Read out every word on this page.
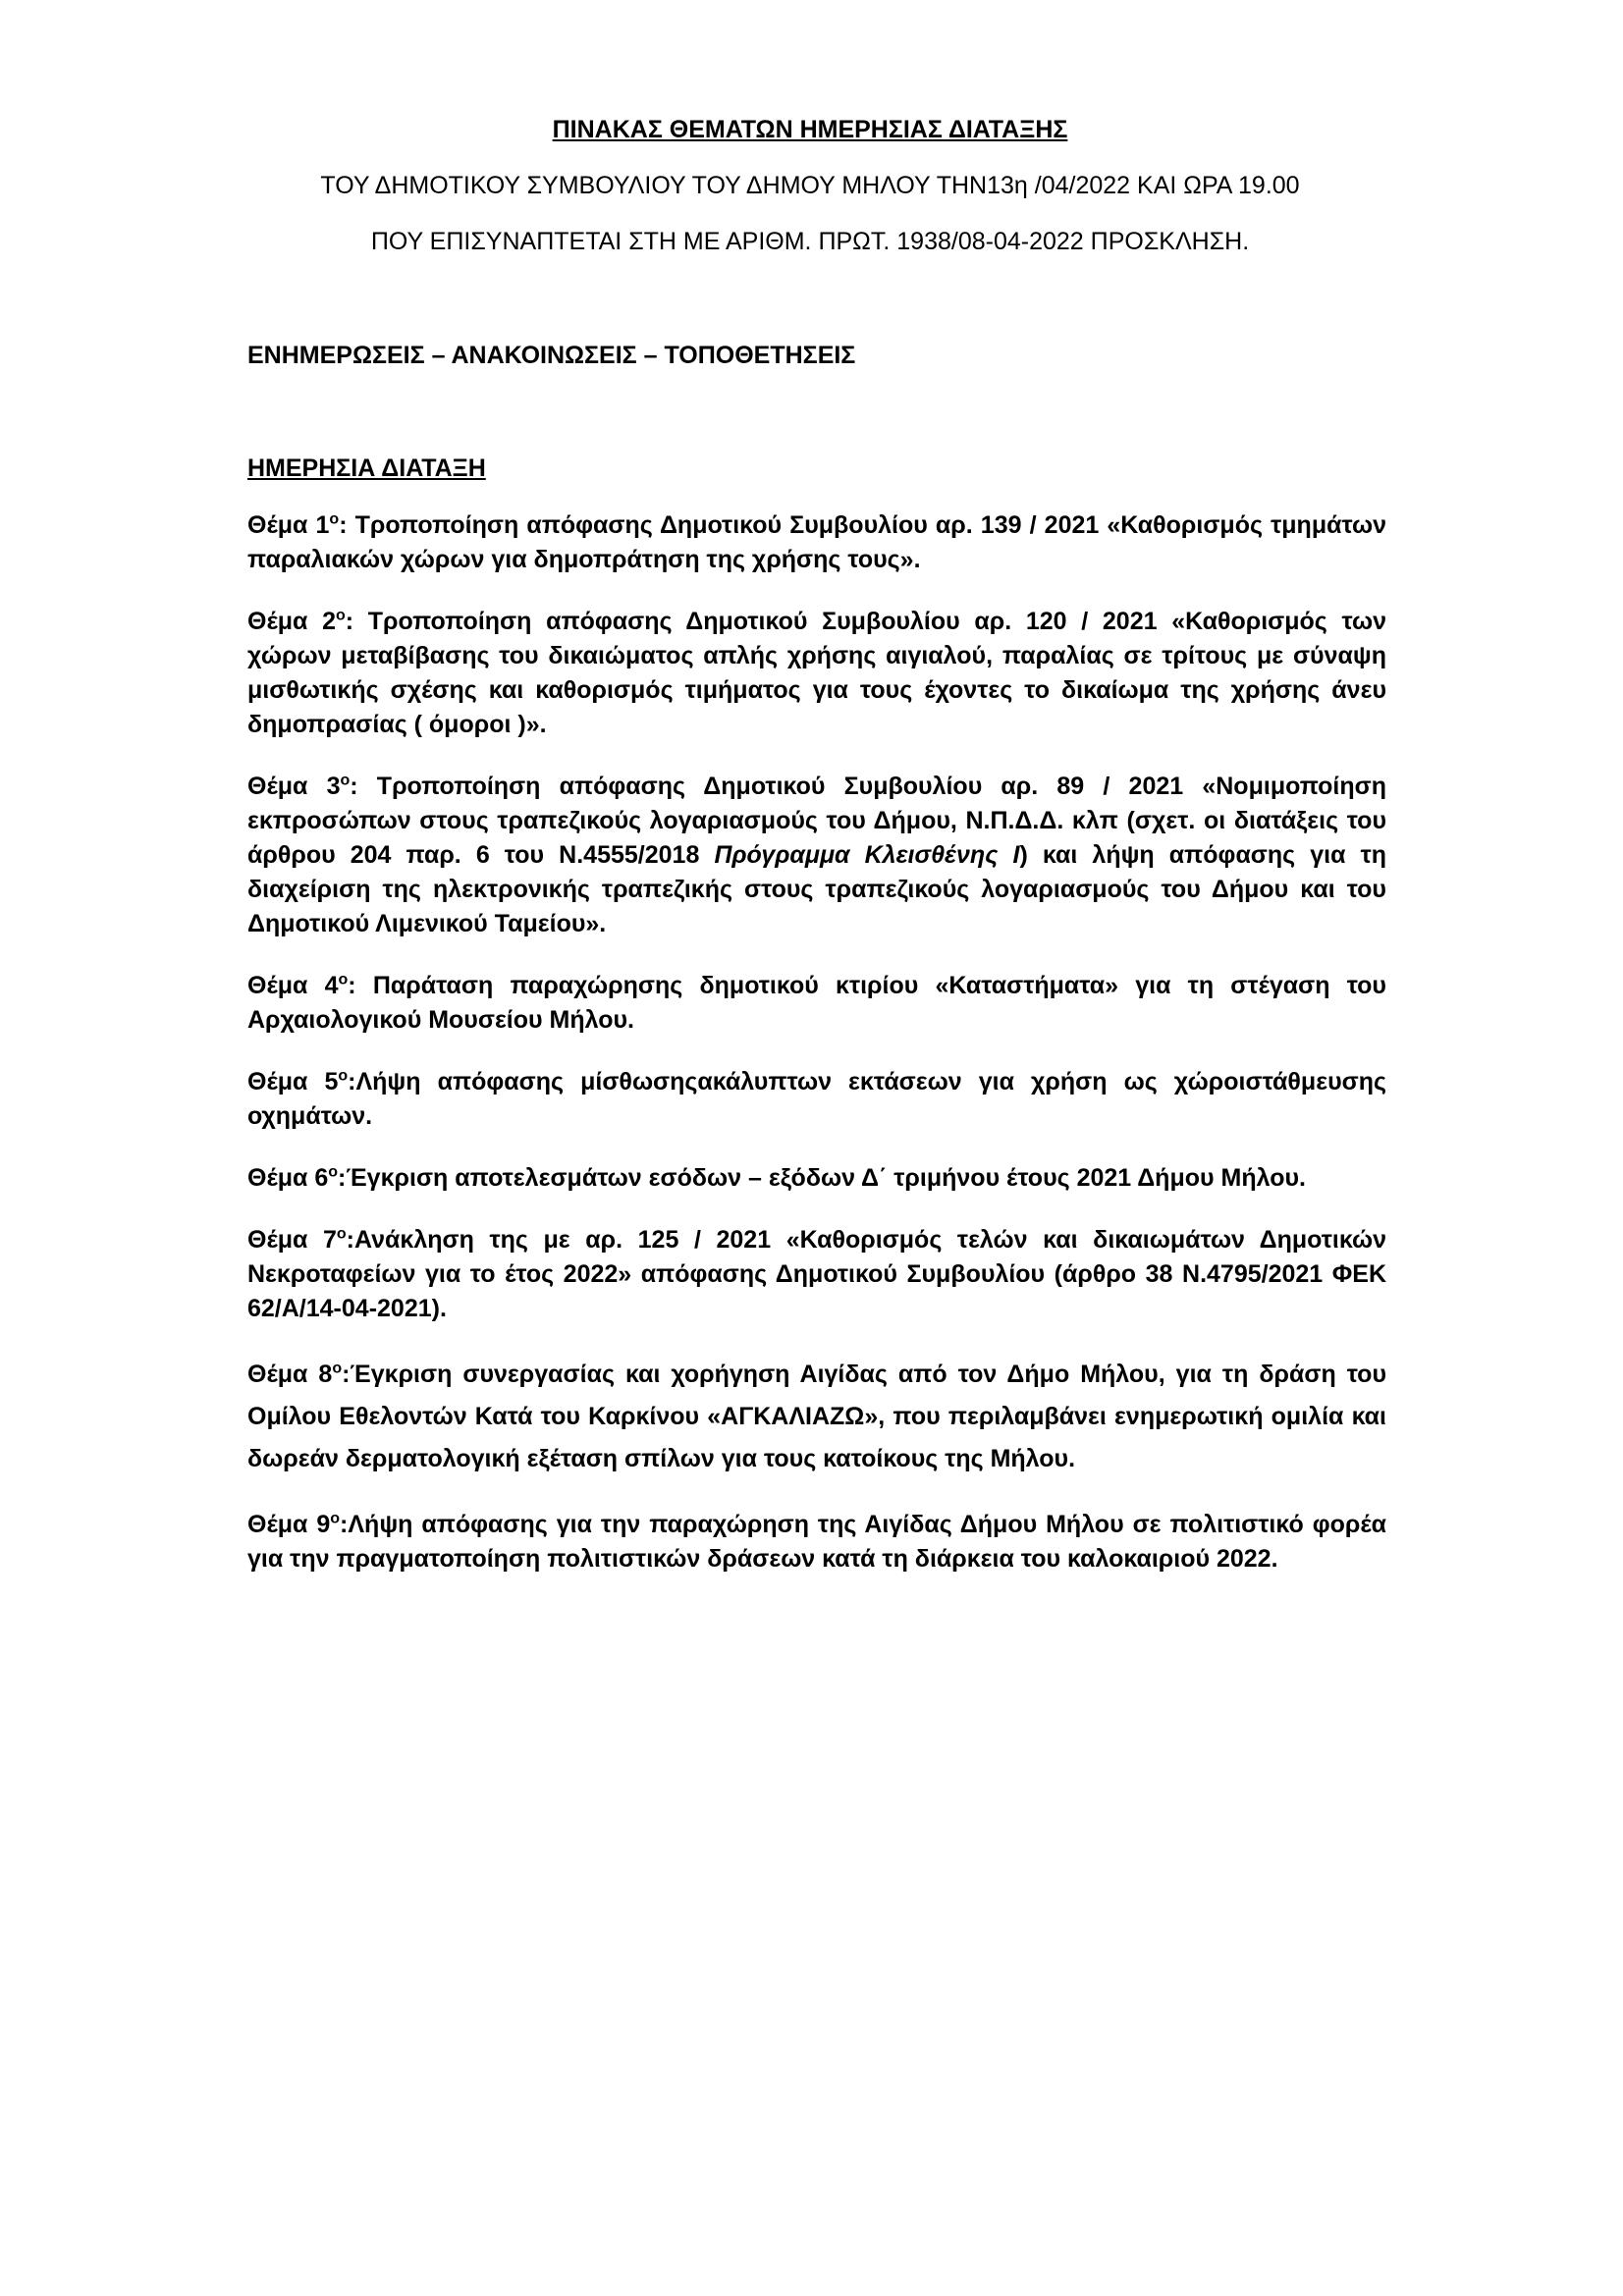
ΠΙΝΑΚΑΣ ΘΕΜΑΤΩΝ ΗΜΕΡΗΣΙΑΣ ΔΙΑΤΑΞΗΣ
ΤΟΥ ΔΗΜΟΤΙΚΟΥ ΣΥΜΒΟΥΛΙΟΥ ΤΟΥ ΔΗΜΟΥ ΜΗΛΟΥ ΤΗΝ13η /04/2022 ΚΑΙ ΩΡΑ 19.00
ΠΟΥ ΕΠΙΣΥΝΑΠΤΕΤΑΙ ΣΤΗ ΜΕ ΑΡΙΘΜ. ΠΡΩΤ. 1938/08-04-2022 ΠΡΟΣΚΛΗΣΗ.
ΕΝΗΜΕΡΩΣΕΙΣ – ΑΝΑΚΟΙΝΩΣΕΙΣ – ΤΟΠΟΘΕΤΗΣΕΙΣ
ΗΜΕΡΗΣΙΑ ΔΙΑΤΑΞΗ

Θέμα $1^o$: Τροποποίηση απόφασης Δημοτικού Συμβουλίου αρ. 139 / 2021 «Καθορισμός τμημάτων παραλιακών χώρων για δημοπράτηση της χρήσης τους».

Θέμα $2^o$: Τροποποίηση απόφασης Δημοτικού Συμβουλίου αρ. 120 / 2021 «Καθορισμός των χώρων μεταβίβασης του δικαιώματος απλής χρήσης αιγιαλού, παραλίας σε τρίτους με σύναψη μισθωτικής σχέσης και καθορισμός τιμήματος για τους έχοντες το δικαίωμα της χρήσης άνευ δημοπρασίας ( όμοροι )».

Θέμα $3^o$: Τροποποίηση απόφασης Δημοτικού Συμβουλίου αρ. 89 / 2021 «Νομιμοποίηση εκπροσώπων στους τραπεζικούς λογαριασμούς του Δήμου, Ν.Π.Δ.Δ. κλπ (σχετ. οι διατάξεις του άρθρου 204 παρ. 6 του Ν.4555/2018 Πρόγραμμα Κλεισθένης Ι) και λήψη απόφασης για τη διαχείριση της ηλεκτρονικής τραπεζικής στους τραπεζικούς λογαριασμούς του Δήμου και του Δημοτικού Λιμενικού Ταμείου».

Θέμα $4^o$: Παράταση παραχώρησης δημοτικού κτιρίου «Καταστήματα» για τη στέγαση του Αρχαιολογικού Μουσείου Μήλου.

Θέμα $5^o:\Lambda ή\psi\eta$ απόφασης μίσθωσηςακάλυπτων εκτάσεων για χρήση ως χώροιστάθμευσης οχημάτων.

Θέμα $6^o:Έ\gamma\kappa\rho\iota\sigma\eta$ αποτελεσμάτων εσόδων – εξόδων Δ΄ τριμήνου έτους 2021 Δήμου Μήλου.

Θέμα $7^o:A\nu ά\kappa\lambda\eta\sigma\eta$ της με αρ. 125 / 2021 «Καθορισμός τελών και δικαιωμάτων Δημοτικών Νεκροταφείων για το έτος 2022» απόφασης Δημοτικού Συμβουλίου (άρθρο 38 Ν.4795/2021 ΦΕΚ 62/Α/14-04-2021).

Θέμα $8^o:Έ\gamma\kappa\rho\iota\sigma\eta$ συνεργασίας και χορήγηση Αιγίδας από τον Δήμο Μήλου, για τη δράση του Ομίλου Εθελοντών Κατά του Καρκίνου «ΑΓΚΑΛΙΑΖΩ», που περιλαμβάνει ενημερωτική ομιλία και δωρεάν δερματολογική εξέταση σπίλων για τους κατοίκους της Μήλου.

Θέμα $9^o:\Lambda ή\psi\eta$ απόφασης για την παραχώρηση της Αιγίδας Δήμου Μήλου σε πολιτιστικό φορέα για την πραγματοποίηση πολιτιστικών δράσεων κατά τη διάρκεια του καλοκαιριού 2022.
